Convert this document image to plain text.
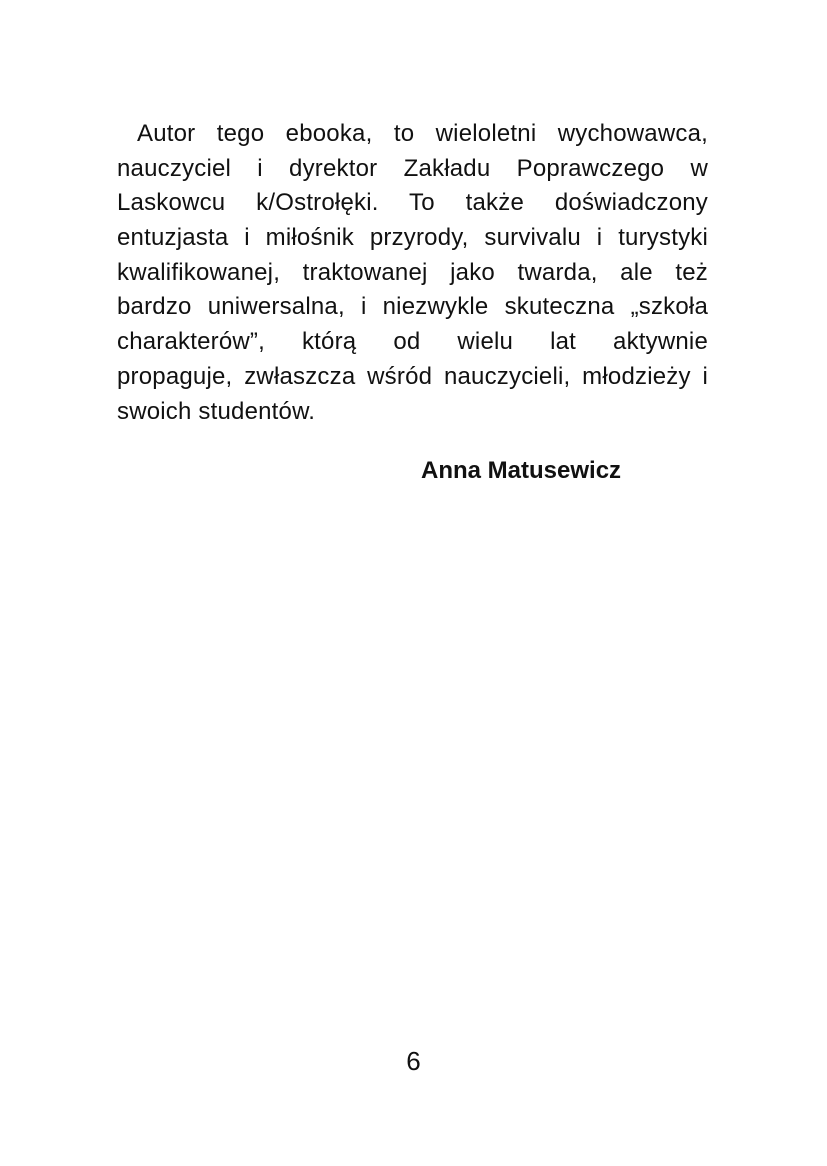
Autor tego ebooka, to wieloletni wychowawca,
nauczyciel i dyrektor Zakładu Poprawczego w
Laskowcu k/Ostrołęki. To także doświadczony
entuzjasta i miłośnik przyrody, survivalu i turystyki
kwalifikowanej, traktowanej jako twarda, ale też
bardzo uniwersalna, i niezwykle skuteczna „szkoła
charakterów”, którą od wielu lat aktywnie
propaguje, zwłaszcza wśród nauczycieli, młodzieży i
swoich studentów.
Anna Matusewicz
6
